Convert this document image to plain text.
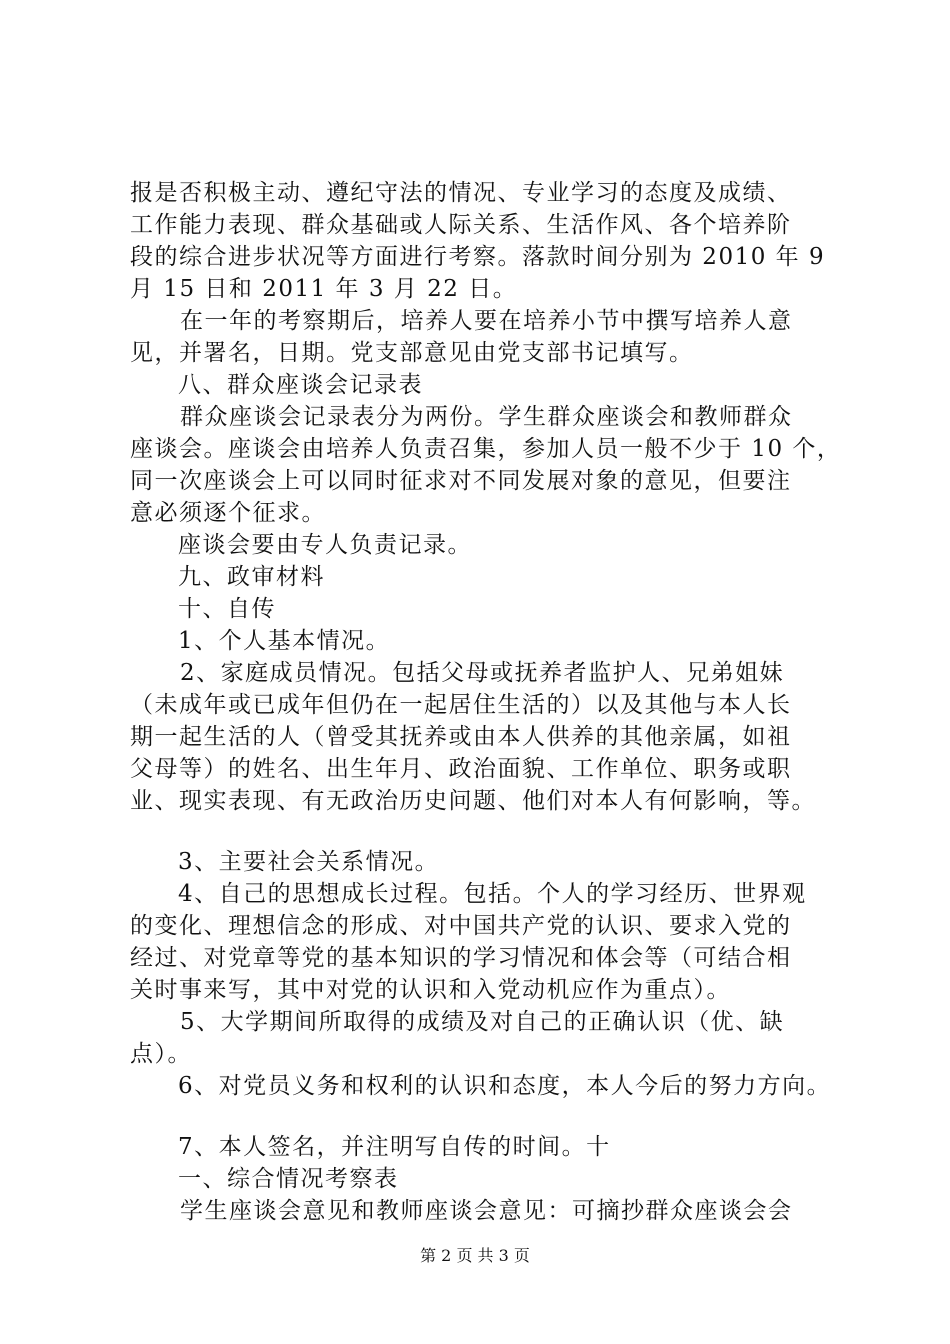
报是否积极主动、遵纪守法的情况、专业学习的态度及成绩、
工作能力表现、群众基础或人际关系、生活作风、各个培养阶
段的综合进步状况等方面进行考察。落款时间分别为 2010 年 9
月 15 日和 2011 年 3 月 22 日。
在一年的考察期后，培养人要在培养小节中撰写培养人意
见，并署名，日期。党支部意见由党支部书记填写。
八、群众座谈会记录表
群众座谈会记录表分为两份。学生群众座谈会和教师群众
座谈会。座谈会由培养人负责召集，参加人员一般不少于 10 个，
同一次座谈会上可以同时征求对不同发展对象的意见，但要注
意必须逐个征求。
座谈会要由专人负责记录。
九、政审材料
十、自传
1、个人基本情况。
2、家庭成员情况。包括父母或抚养者监护人、兄弟姐妹
（未成年或已成年但仍在一起居住生活的）以及其他与本人长
期一起生活的人（曾受其抚养或由本人供养的其他亲属，如祖
父母等）的姓名、出生年月、政治面貌、工作单位、职务或职
业、现实表现、有无政治历史问题、他们对本人有何影响，等。
3、主要社会关系情况。
4、自己的思想成长过程。包括。个人的学习经历、世界观
的变化、理想信念的形成、对中国共产党的认识、要求入党的
经过、对党章等党的基本知识的学习情况和体会等（可结合相
关时事来写，其中对党的认识和入党动机应作为重点）。
5、大学期间所取得的成绩及对自己的正确认识（优、缺
点）。
6、对党员义务和权利的认识和态度，本人今后的努力方向。
7、本人签名，并注明写自传的时间。十
一、综合情况考察表
学生座谈会意见和教师座谈会意见：可摘抄群众座谈会会
第 2 页 共 3 页
